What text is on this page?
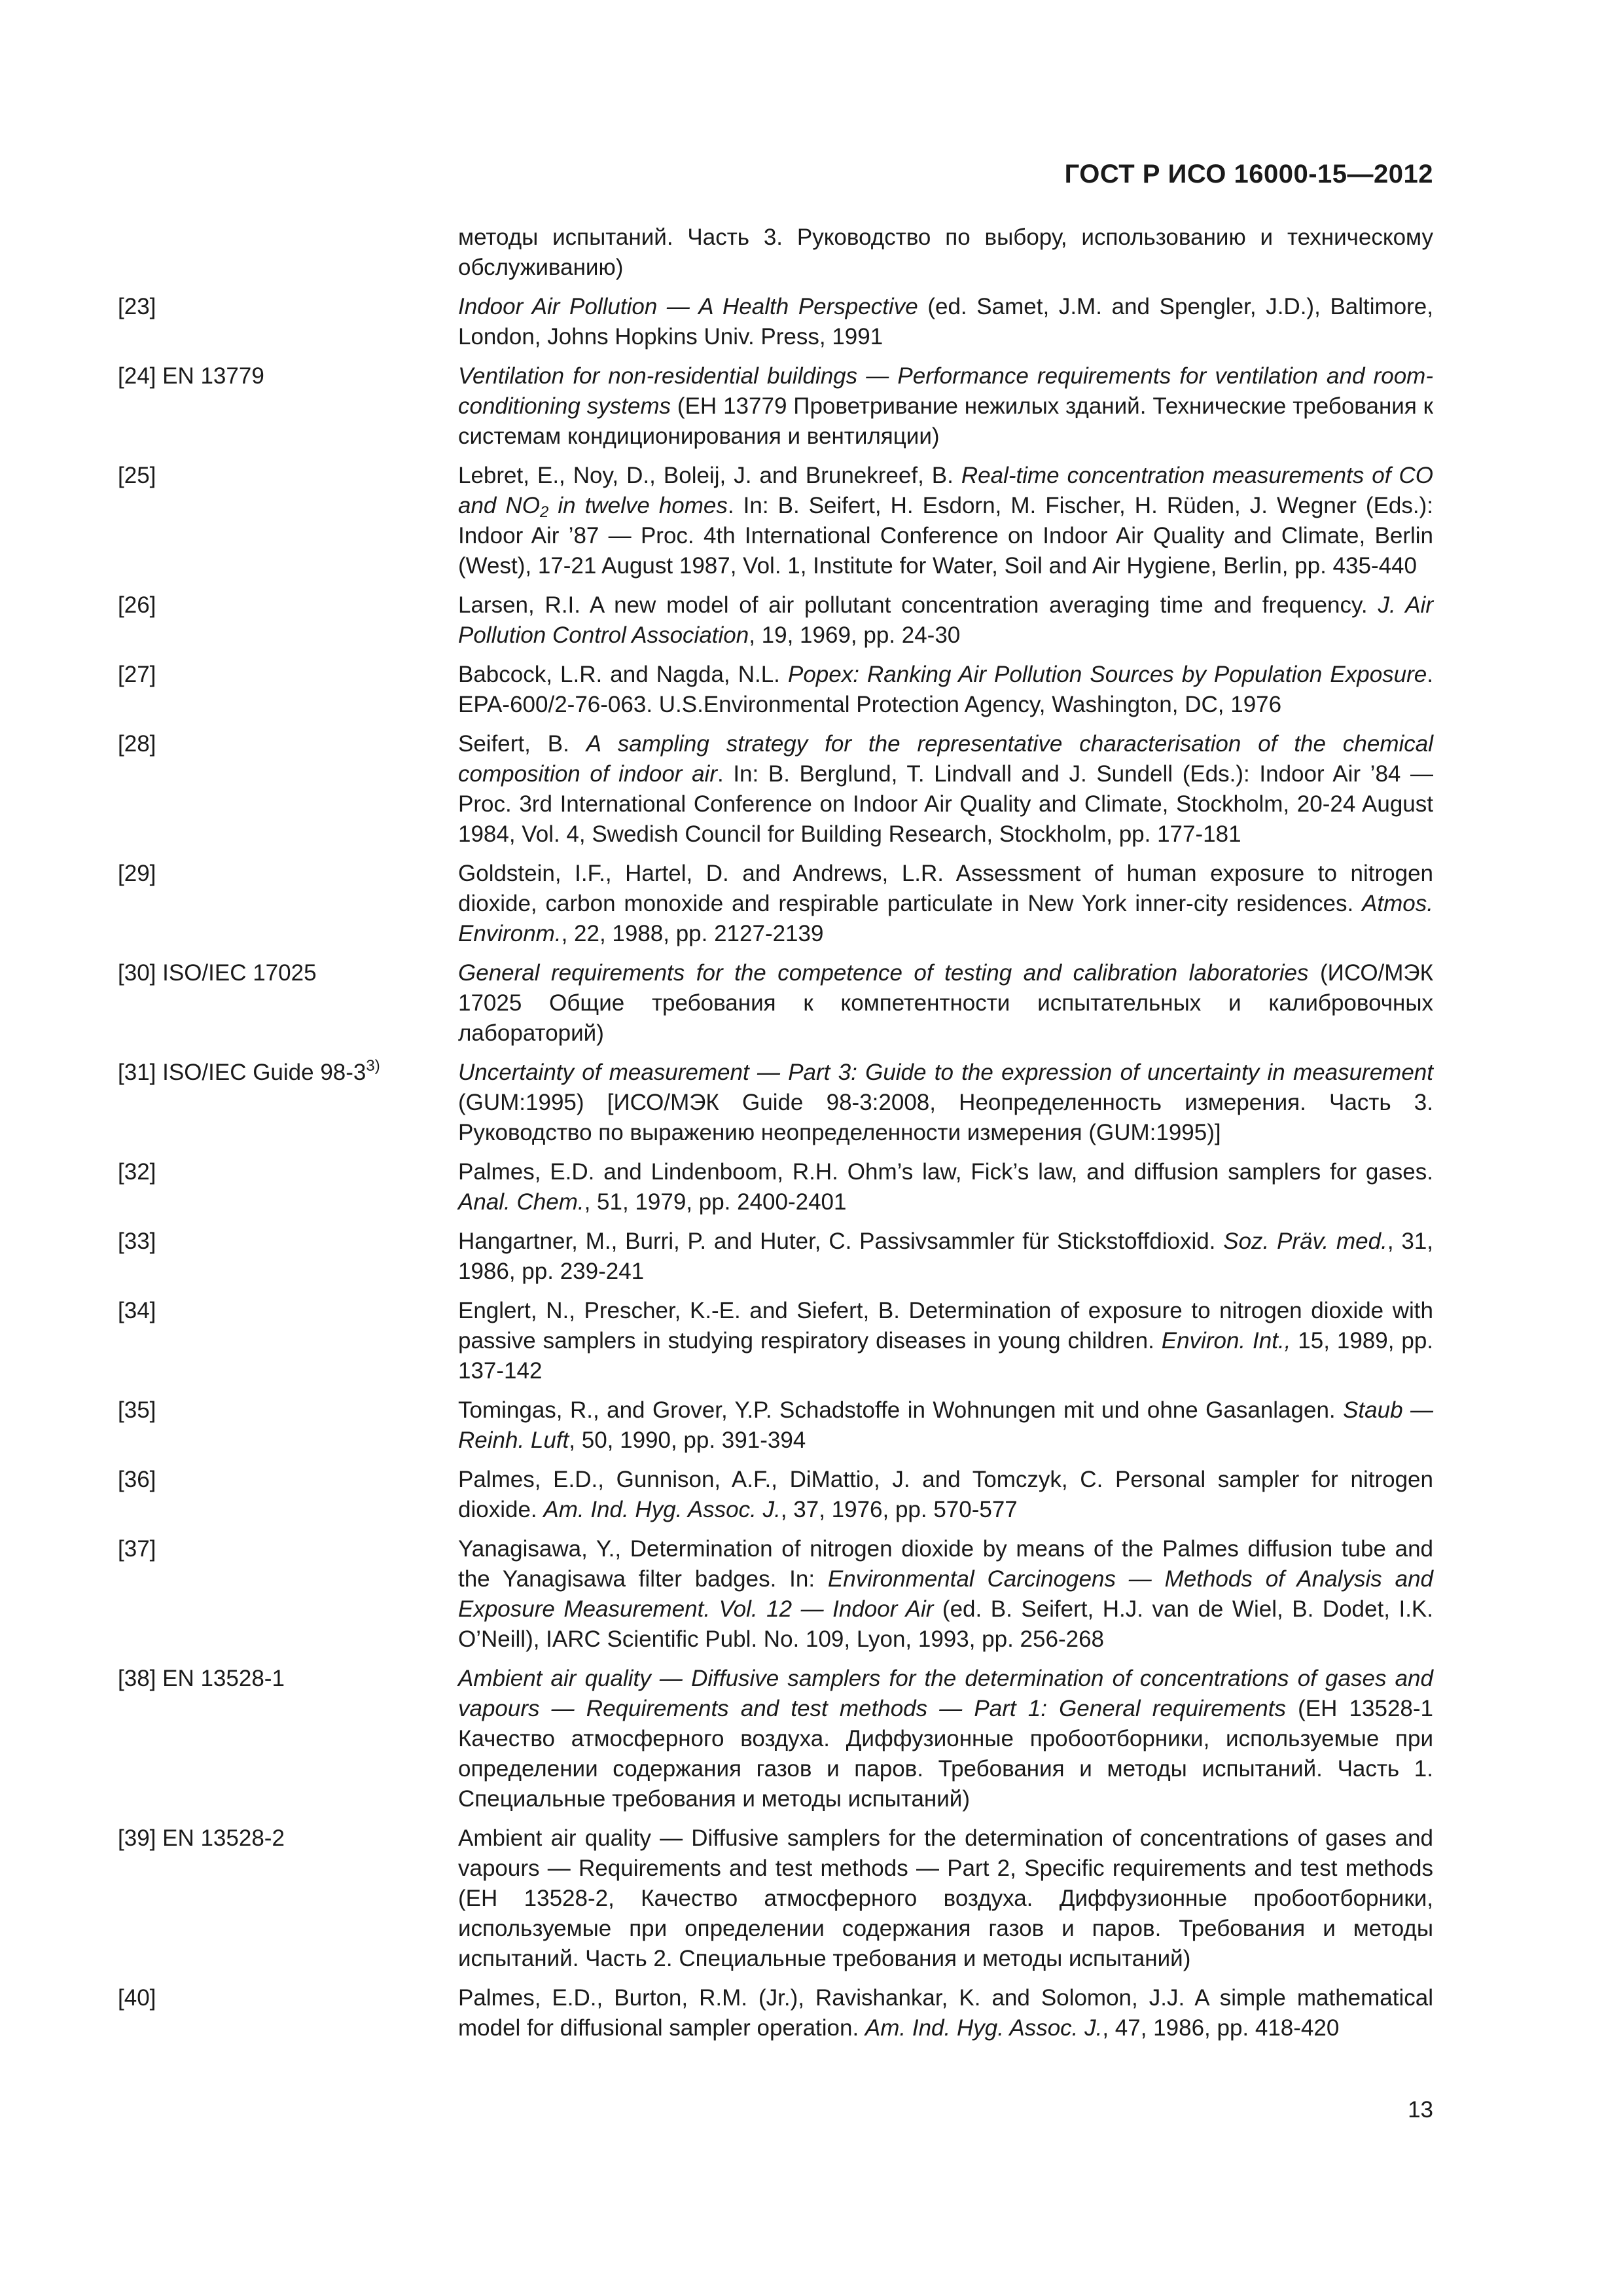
ГОСТ Р ИСО 16000-15—2012
методы испытаний. Часть 3. Руководство по выбору, использованию и техническому обслуживанию)
[23]	Indoor Air Pollution — A Health Perspective (ed. Samet, J.M. and Spengler, J.D.), Baltimore, London, Johns Hopkins Univ. Press, 1991
[24] EN 13779	Ventilation for non-residential buildings — Performance requirements for ventilation and room-conditioning systems (ЕН 13779 Проветривание нежилых зданий. Технические требования к системам кондиционирования и вентиляции)
[25]	Lebret, E., Noy, D., Boleij, J. and Brunekreef, B. Real-time concentration measurements of CO and $NO_2$ in twelve homes. In: B. Seifert, H. Esdorn, M. Fischer, H. Rüden, J. Wegner (Eds.): Indoor Air ’87 — Proc. 4th International Conference on Indoor Air Quality and Climate, Berlin (West), 17-21 August 1987, Vol. 1, Institute for Water, Soil and Air Hygiene, Berlin, pp. 435-440
[26]	Larsen, R.I. A new model of air pollutant concentration averaging time and frequency. J. Air Pollution Control Association, 19, 1969, pp. 24-30
[27]	Babcock, L.R. and Nagda, N.L. Popex: Ranking Air Pollution Sources by Population Exposure. EPA-600/2-76-063. U.S.Environmental Protection Agency, Washington, DC, 1976
[28]	Seifert, B. A sampling strategy for the representative characterisation of the chemical composition of indoor air. In: B. Berglund, T. Lindvall and J. Sundell (Eds.): Indoor Air ’84 — Proc. 3rd International Conference on Indoor Air Quality and Climate, Stockholm, 20-24 August 1984, Vol. 4, Swedish Council for Building Research, Stockholm, pp. 177-181
[29]	Goldstein, I.F., Hartel, D. and Andrews, L.R. Assessment of human exposure to nitrogen dioxide, carbon monoxide and respirable particulate in New York inner-city residences. Atmos. Environm., 22, 1988, pp. 2127-2139
[30] ISO/IEC 17025	General requirements for the competence of testing and calibration laboratories (ИСО/МЭК 17025 Общие требования к компетентности испытательных и калибровочных лабораторий)
[31] ISO/IEC Guide 98-3$^{3)}$	Uncertainty of measurement — Part 3: Guide to the expression of uncertainty in measurement (GUM:1995) [ИСО/МЭК Guide 98-3:2008, Неопределенность измерения. Часть 3. Руководство по выражению неопределенности измерения (GUM:1995)]
[32]	Palmes, E.D. and Lindenboom, R.H. Ohm’s law, Fick’s law, and diffusion samplers for gases. Anal. Chem., 51, 1979, pp. 2400-2401
[33]	Hangartner, M., Burri, P. and Huter, C. Passivsammler für Stickstoffdioxid. Soz. Präv. med., 31, 1986, pp. 239-241
[34]	Englert, N., Prescher, K.-E. and Siefert, B. Determination of exposure to nitrogen dioxide with passive samplers in studying respiratory diseases in young children. Environ. Int., 15, 1989, pp. 137-142
[35]	Tomingas, R., and Grover, Y.P. Schadstoffe in Wohnungen mit und ohne Gasanlagen. Staub — Reinh. Luft, 50, 1990, pp. 391-394
[36]	Palmes, E.D., Gunnison, A.F., DiMattio, J. and Tomczyk, C. Personal sampler for nitrogen dioxide. Am. Ind. Hyg. Assoc. J., 37, 1976, pp. 570-577
[37]	Yanagisawa, Y., Determination of nitrogen dioxide by means of the Palmes diffusion tube and the Yanagisawa filter badges. In: Environmental Carcinogens — Methods of Analysis and Exposure Measurement. Vol. 12 — Indoor Air (ed. B. Seifert, H.J. van de Wiel, B. Dodet, I.K. O’Neill), IARC Scientific Publ. No. 109, Lyon, 1993, pp. 256-268
[38] EN 13528-1	Ambient air quality — Diffusive samplers for the determination of concentrations of gases and vapours — Requirements and test methods — Part 1: General requirements (ЕН 13528-1 Качество атмосферного воздуха. Диффузионные пробоотборники, используемые при определении содержания газов и паров. Требования и методы испытаний. Часть 1. Специальные требования и методы испытаний)
[39] EN 13528-2	Ambient air quality — Diffusive samplers for the determination of concentrations of gases and vapours — Requirements and test methods — Part 2, Specific requirements and test methods (ЕН 13528-2, Качество атмосферного воздуха. Диффузионные пробоотборники, используемые при определении содержания газов и паров. Требования и методы испытаний. Часть 2. Специальные требования и методы испытаний)
[40]	Palmes, E.D., Burton, R.M. (Jr.), Ravishankar, K. and Solomon, J.J. A simple mathematical model for diffusional sampler operation. Am. Ind. Hyg. Assoc. J., 47, 1986, pp. 418-420
13
